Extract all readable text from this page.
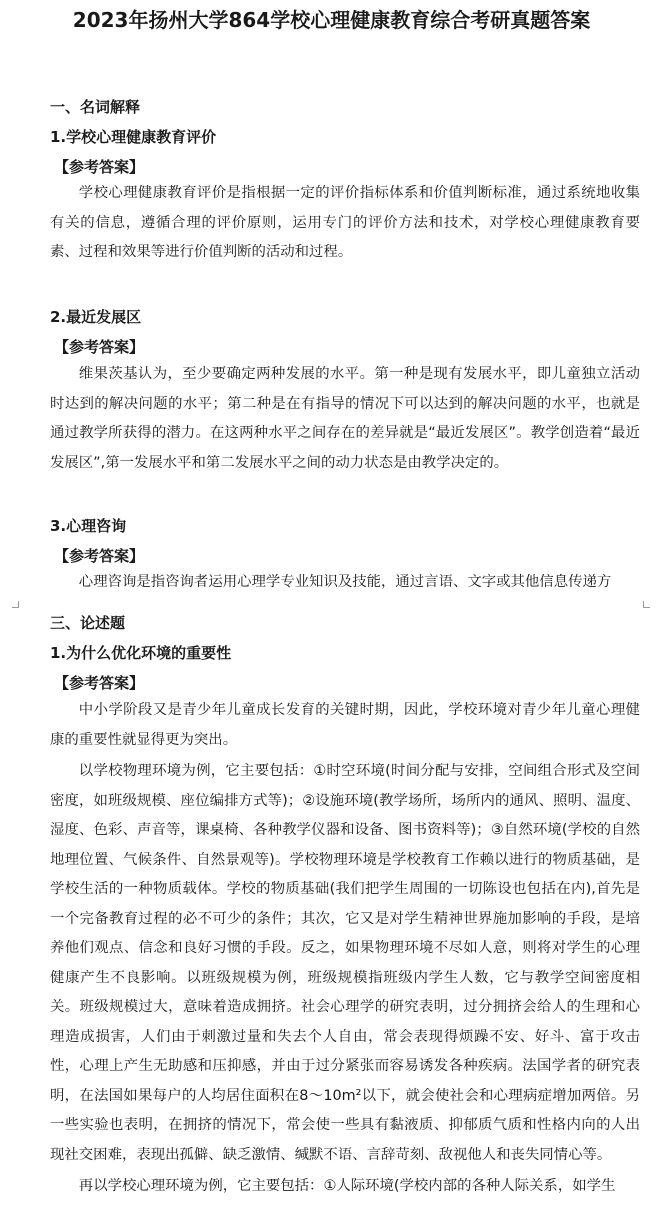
2023年扬州大学864学校心理健康教育综合考研真题答案
一、名词解释
1.学校心理健康教育评价
【参考答案】

学校心理健康教育评价是指根据一定的评价指标体系和价值判断标准，通过系统地收集有关的信息，遵循合理的评价原则，运用专门的评价方法和技术，对学校心理健康教育要素、过程和效果等进行价值判断的活动和过程。

2.最近发展区
【参考答案】

维果茨基认为，至少要确定两种发展的水平。第一种是现有发展水平，即儿童独立活动时达到的解决问题的水平；第二种是在有指导的情况下可以达到的解决问题的水平，也就是通过教学所获得的潜力。在这两种水平之间存在的差异就是“最近发展区”。教学创造着“最近发展区”,第一发展水平和第二发展水平之间的动力状态是由教学决定的。

3.心理咨询
【参考答案】

心理咨询是指咨询者运用心理学专业知识及技能，通过言语、文字或其他信息传递方

三、论述题
1.为什么优化环境的重要性
【参考答案】

中小学阶段又是青少年儿童成长发育的关键时期，因此，学校环境对青少年儿童心理健康的重要性就显得更为突出。

以学校物理环境为例，它主要包括：①时空环境(时间分配与安排，空间组合形式及空间密度，如班级规模、座位编排方式等)；②设施环境(教学场所，场所内的通风、照明、温度、湿度、色彩、声音等，课桌椅、各种教学仪器和设备、图书资料等)；③自然环境(学校的自然地理位置、气候条件、自然景观等)。学校物理环境是学校教育工作赖以进行的物质基础，是学校生活的一种物质载体。学校的物质基础(我们把学生周围的一切陈设也包括在内),首先是一个完备教育过程的必不可少的条件；其次，它又是对学生精神世界施加影响的手段，是培养他们观点、信念和良好习惯的手段。反之，如果物理环境不尽如人意，则将对学生的心理健康产生不良影响。以班级规模为例，班级规模指班级内学生人数，它与教学空间密度相关。班级规模过大，意味着造成拥挤。社会心理学的研究表明，过分拥挤会给人的生理和心理造成损害，人们由于刺激过量和失去个人自由，常会表现得烦躁不安、好斗、富于攻击性，心理上产生无助感和压抑感，并由于过分紧张而容易诱发各种疾病。法国学者的研究表明，在法国如果每户的人均居住面积在8～10m²以下，就会使社会和心理病症增加两倍。另一些实验也表明，在拥挤的情况下，常会使一些具有黏液质、抑郁质气质和性格内向的人出现社交困难，表现出孤僻、缺乏激情、缄默不语、言辞苛刻、敌视他人和丧失同情心等。

再以学校心理环境为例，它主要包括：①人际环境(学校内部的各种人际关系，如学生
